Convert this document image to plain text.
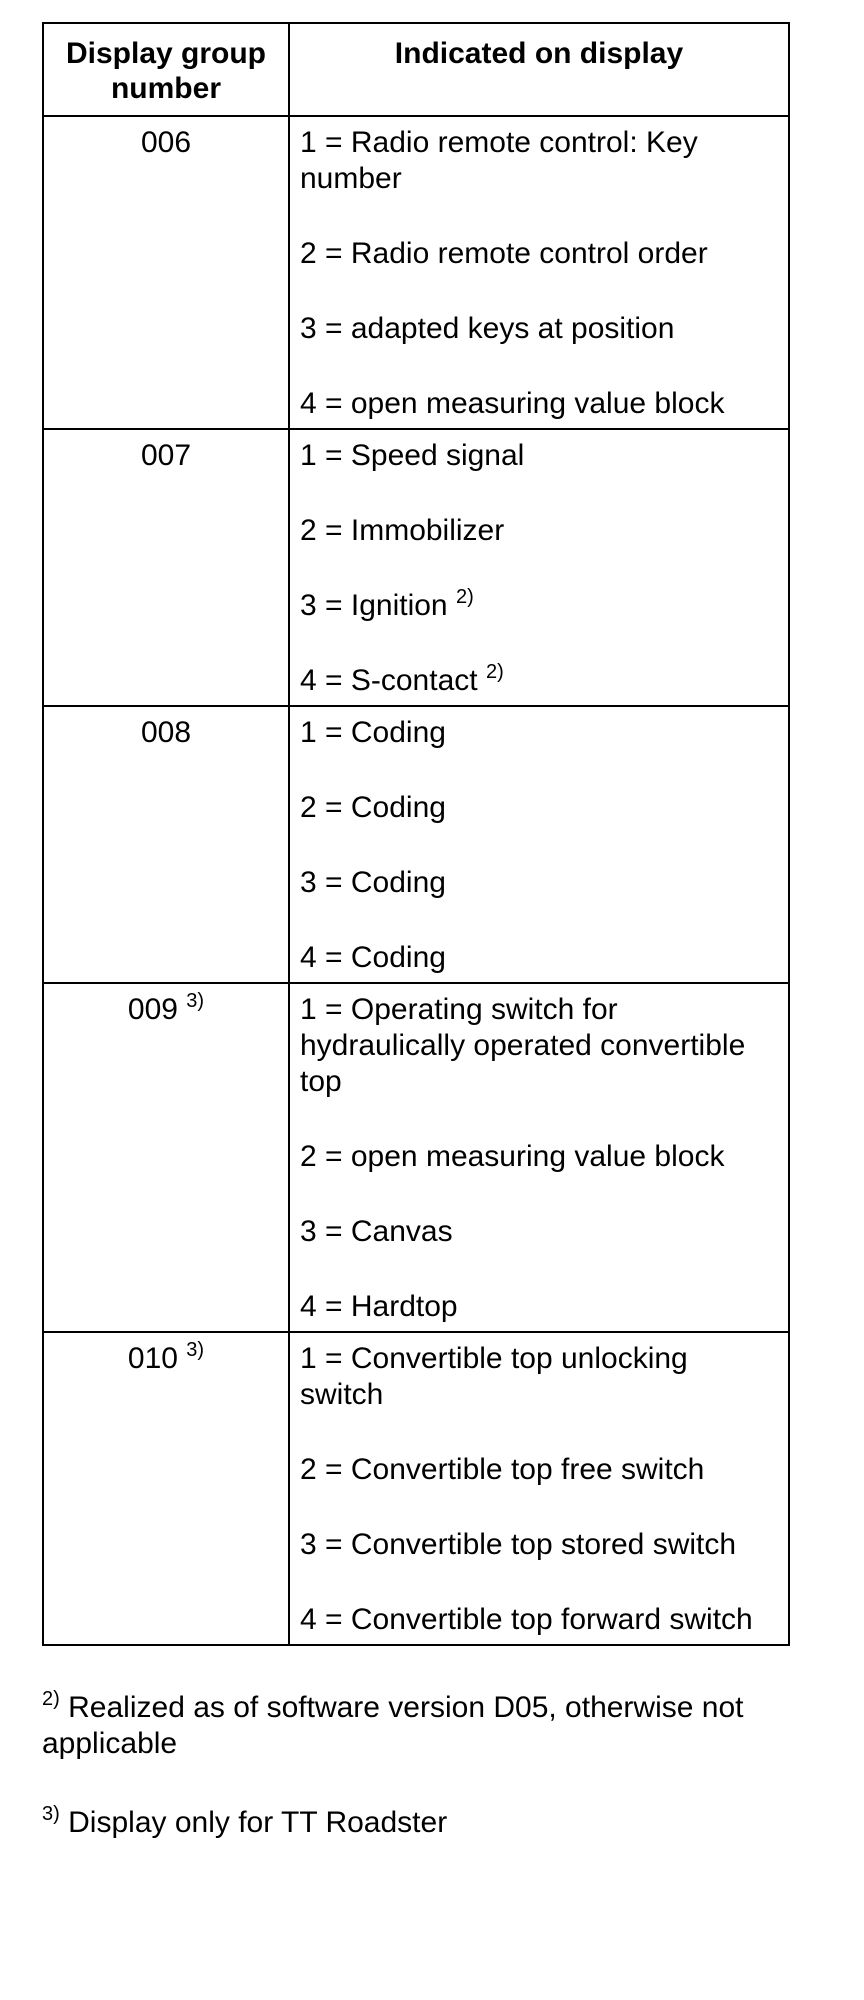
Display group number	Indicated on display
006	1 = Radio remote control: Key number
2 = Radio remote control order
3 = adapted keys at position
4 = open measuring value block

007	1 = Speed signal
2 = Immobilizer
3 = Ignition $^{2)}$
4 = S-contact $^{2)}$

008	1 = Coding
2 = Coding
3 = Coding
4 = Coding

009 $^{3)}$	1 = Operating switch for hydraulically operated convertible top
2 = open measuring value block
3 = Canvas
4 = Hardtop

010 $^{3)}$	1 = Convertible top unlocking switch
2 = Convertible top free switch
3 = Convertible top stored switch
4 = Convertible top forward switch
$^{2)}$ Realized as of software version D05, otherwise not applicable
$^{3)}$ Display only for TT Roadster
